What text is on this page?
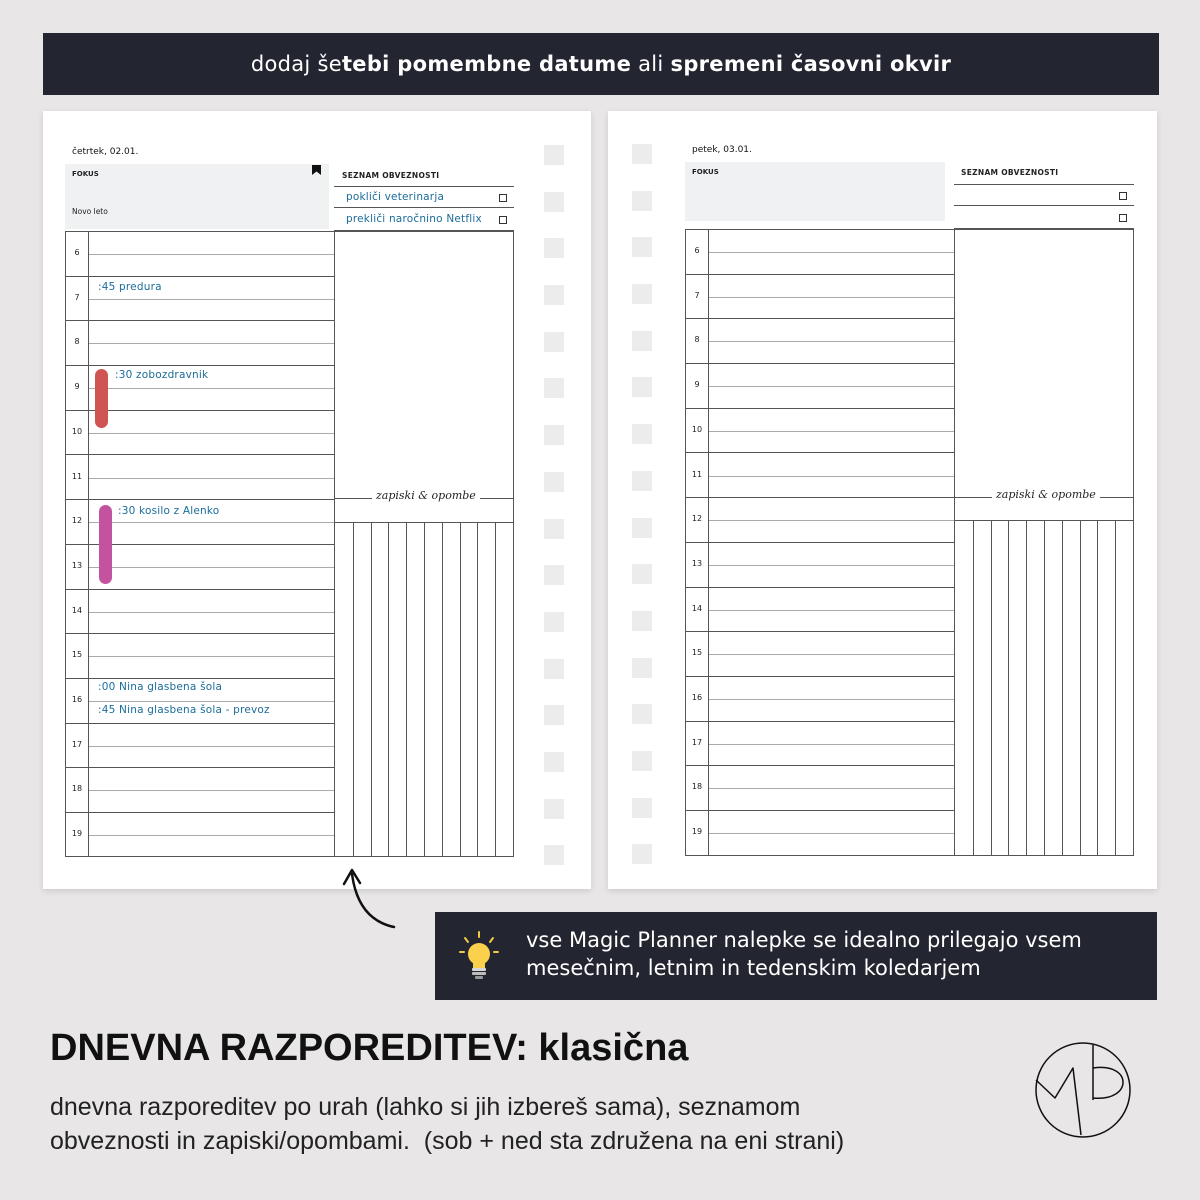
dodaj še tebi pomembne datume ali spremeni časovni okvir
četrtek, 02.01.
FOKUS
Novo leto
SEZNAM OBVEZNOSTI
pokliči veterinarja
prekliči naročnino Netflix
6
7
8
9
10
11
12
13
14
15
16
17
18
19
zapiski & opombe
:45 predura
:30 zobozdravnik
:30 kosilo z Alenko
:00 Nina glasbena šola
:45 Nina glasbena šola - prevoz
petek, 03.01.
FOKUS	SEZNAM OBVEZNOSTI
6
7
8
9
10
11
12
13
14
15
16
17
18
19
zapiski & opombe
vse Magic Planner nalepke se idealno prilegajo vsem
mesečnim, letnim in tedenskim koledarjem
DNEVNA RAZPOREDITEV: klasična
dnevna razporeditev po urah (lahko si jih izbereš sama), seznamom
obveznosti in zapiski/opombami.  (sob + ned sta združena na eni strani)
